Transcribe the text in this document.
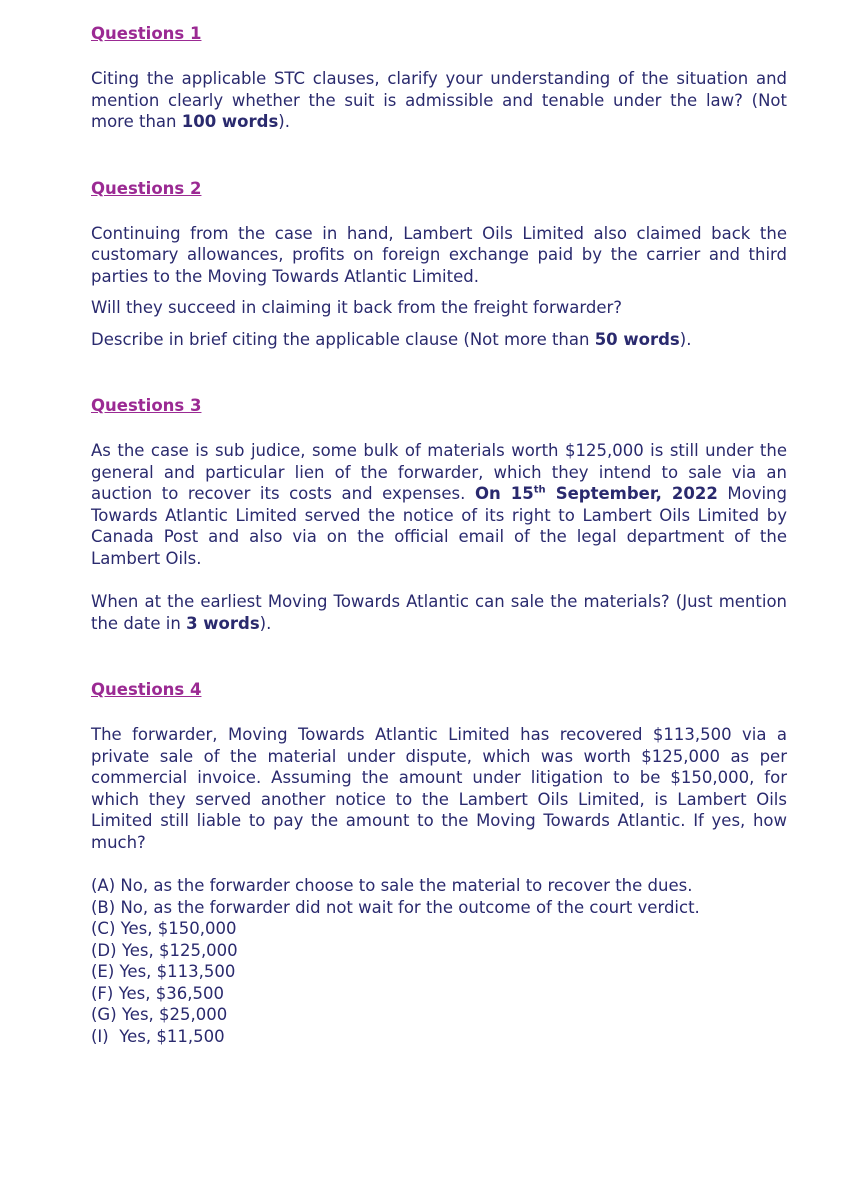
Questions 1

Citing the applicable STC clauses, clarify your understanding of the situation and mention clearly whether the suit is admissible and tenable under the law? (Not more than 100 words).

Questions 2

Continuing from the case in hand, Lambert Oils Limited also claimed back the customary allowances, profits on foreign exchange paid by the carrier and third parties to the Moving Towards Atlantic Limited.

Will they succeed in claiming it back from the freight forwarder?

Describe in brief citing the applicable clause (Not more than 50 words).

Questions 3

As the case is sub judice, some bulk of materials worth $125,000 is still under the general and particular lien of the forwarder, which they intend to sale via an auction to recover its costs and expenses. On 15th September, 2022 Moving Towards Atlantic Limited served the notice of its right to Lambert Oils Limited by Canada Post and also via on the official email of the legal department of the Lambert Oils.

When at the earliest Moving Towards Atlantic can sale the materials? (Just mention the date in 3 words).

Questions 4

The forwarder, Moving Towards Atlantic Limited has recovered $113,500 via a private sale of the material under dispute, which was worth $125,000 as per commercial invoice. Assuming the amount under litigation to be $150,000, for which they served another notice to the Lambert Oils Limited, is Lambert Oils Limited still liable to pay the amount to the Moving Towards Atlantic. If yes, how much?

(A) No, as the forwarder choose to sale the material to recover the dues.
(B) No, as the forwarder did not wait for the outcome of the court verdict.
(C) Yes, $150,000
(D) Yes, $125,000
(E) Yes, $113,500
(F) Yes, $36,500
(G) Yes, $25,000
(I)  Yes, $11,500
